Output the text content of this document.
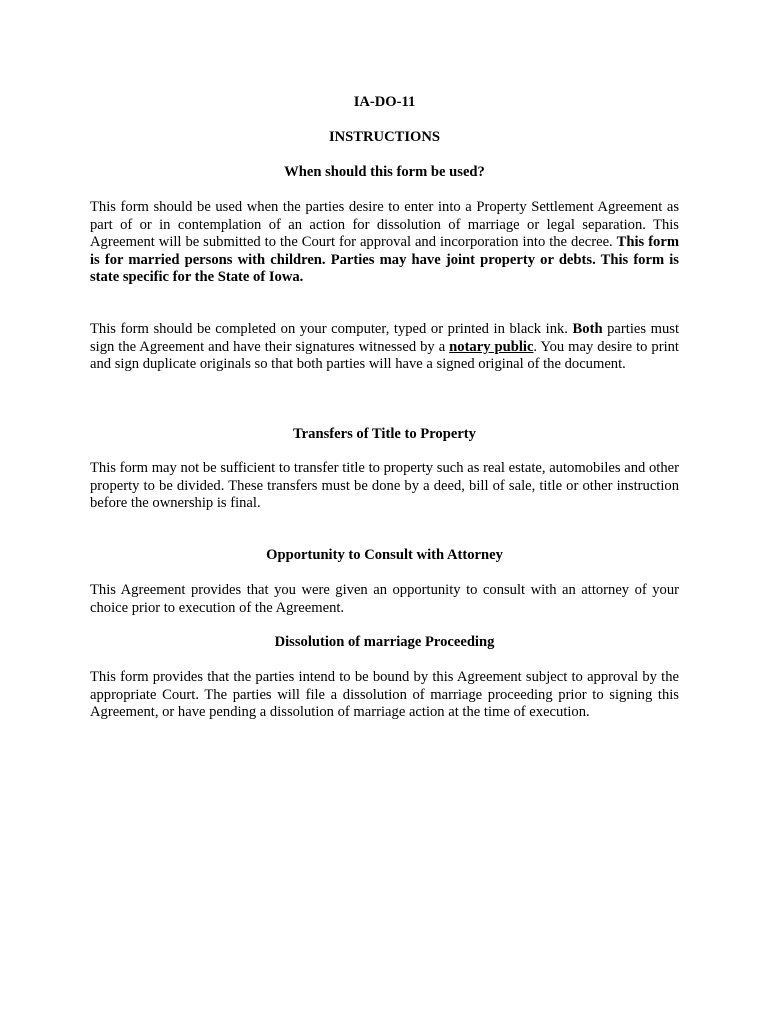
IA-DO-11

INSTRUCTIONS

When should this form be used?

This form should be used when the parties desire to enter into a Property Settlement Agreement as part of or in contemplation of an action for dissolution of marriage or legal separation. This Agreement will be submitted to the Court for approval and incorporation into the decree. This form is for married persons with children. Parties may have joint property or debts. This form is state specific for the State of Iowa.

This form should be completed on your computer, typed or printed in black ink. Both parties must sign the Agreement and have their signatures witnessed by a notary public. You may desire to print and sign duplicate originals so that both parties will have a signed original of the document.

Transfers of Title to Property

This form may not be sufficient to transfer title to property such as real estate, automobiles and other property to be divided. These transfers must be done by a deed, bill of sale, title or other instruction before the ownership is final.

Opportunity to Consult with Attorney

This Agreement provides that you were given an opportunity to consult with an attorney of your choice prior to execution of the Agreement.

Dissolution of marriage Proceeding

This form provides that the parties intend to be bound by this Agreement subject to approval by the appropriate Court. The parties will file a dissolution of marriage proceeding prior to signing this Agreement, or have pending a dissolution of marriage action at the time of execution.
